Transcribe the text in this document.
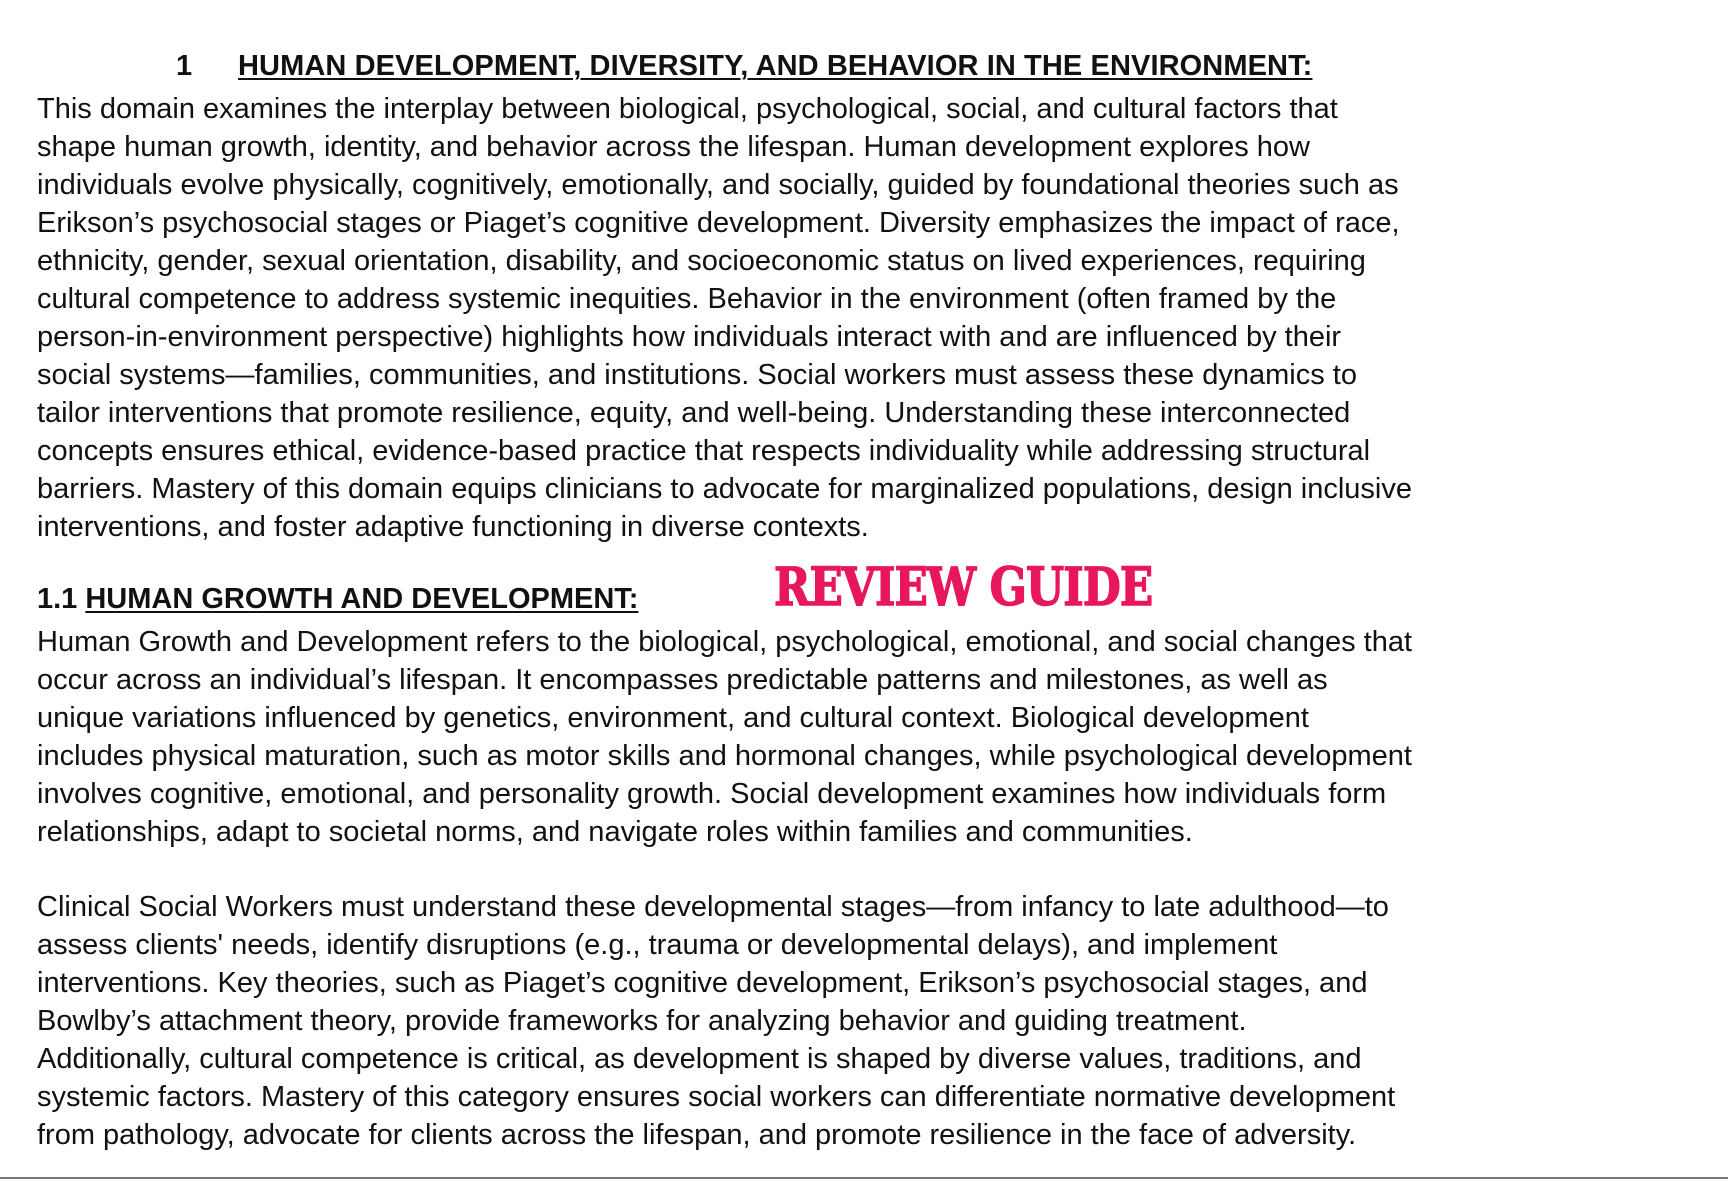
1 HUMAN DEVELOPMENT, DIVERSITY, AND BEHAVIOR IN THE ENVIRONMENT:

This domain examines the interplay between biological, psychological, social, and cultural factors that
shape human growth, identity, and behavior across the lifespan. Human development explores how
individuals evolve physically, cognitively, emotionally, and socially, guided by foundational theories such as
Erikson’s psychosocial stages or Piaget’s cognitive development. Diversity emphasizes the impact of race,
ethnicity, gender, sexual orientation, disability, and socioeconomic status on lived experiences, requiring
cultural competence to address systemic inequities. Behavior in the environment (often framed by the
person-in-environment perspective) highlights how individuals interact with and are influenced by their
social systems—families, communities, and institutions. Social workers must assess these dynamics to
tailor interventions that promote resilience, equity, and well-being. Understanding these interconnected
concepts ensures ethical, evidence-based practice that respects individuality while addressing structural
barriers. Mastery of this domain equips clinicians to advocate for marginalized populations, design inclusive
interventions, and foster adaptive functioning in diverse contexts.

1.1 HUMAN GROWTH AND DEVELOPMENT:	REVIEW GUIDE

Human Growth and Development refers to the biological, psychological, emotional, and social changes that
occur across an individual’s lifespan. It encompasses predictable patterns and milestones, as well as
unique variations influenced by genetics, environment, and cultural context. Biological development
includes physical maturation, such as motor skills and hormonal changes, while psychological development
involves cognitive, emotional, and personality growth. Social development examines how individuals form
relationships, adapt to societal norms, and navigate roles within families and communities.

Clinical Social Workers must understand these developmental stages—from infancy to late adulthood—to
assess clients' needs, identify disruptions (e.g., trauma or developmental delays), and implement
interventions. Key theories, such as Piaget’s cognitive development, Erikson’s psychosocial stages, and
Bowlby’s attachment theory, provide frameworks for analyzing behavior and guiding treatment.
Additionally, cultural competence is critical, as development is shaped by diverse values, traditions, and
systemic factors. Mastery of this category ensures social workers can differentiate normative development
from pathology, advocate for clients across the lifespan, and promote resilience in the face of adversity.
